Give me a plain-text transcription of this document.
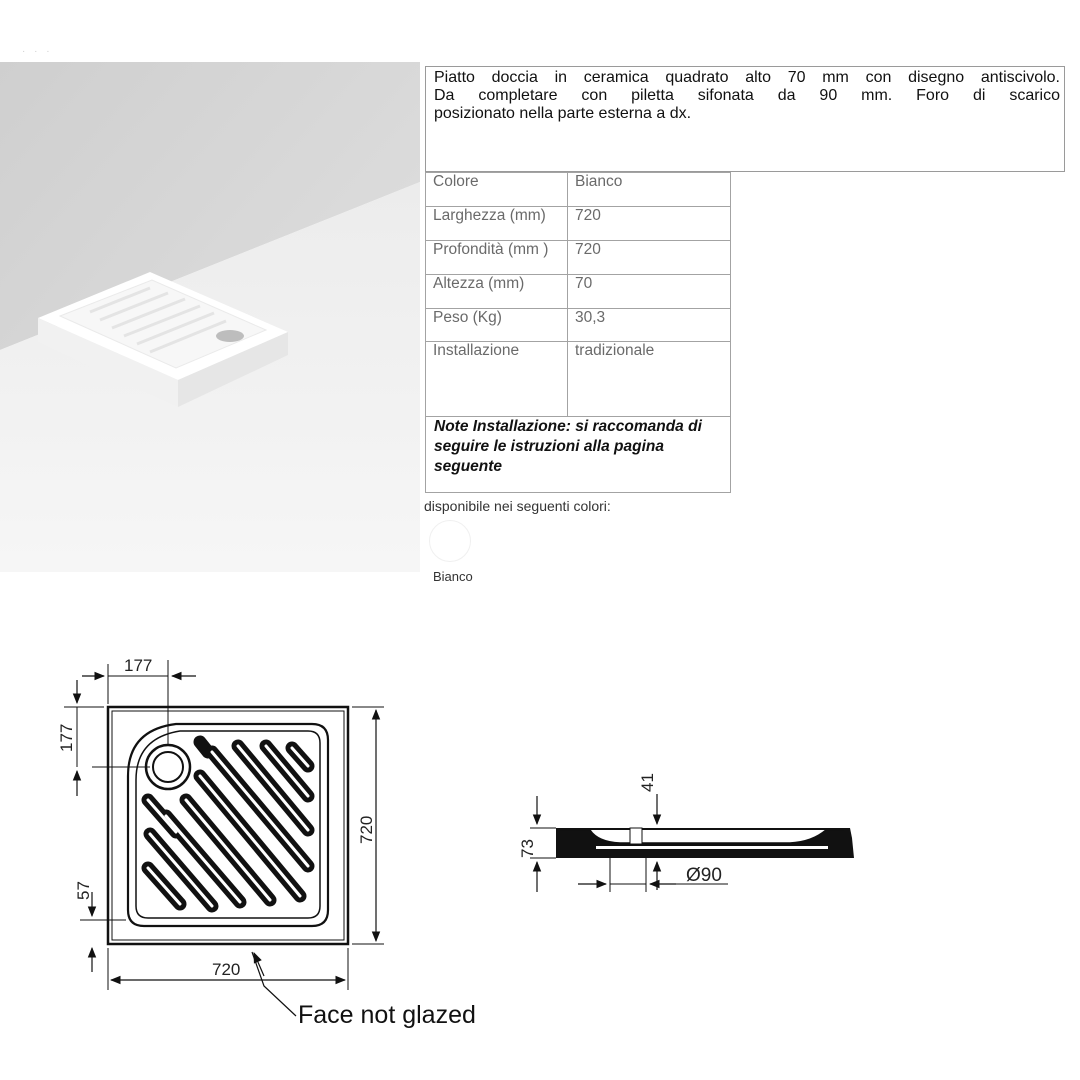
· · ·
Piatto doccia in ceramica quadrato alto 70 mm con disegno antiscivolo.
Da completare con piletta sifonata da 90 mm. Foro di scarico
posizionato nella parte esterna a dx.
Colore	Bianco
Larghezza (mm)	720
Profondità (mm )	720
Altezza (mm)	70
Peso (Kg)	30,3
Installazione	tradizionale
Note Installazione: si raccomanda di seguire le istruzioni alla pagina seguente
disponibile nei seguenti colori:
Bianco
177
177
720
720
57
Face not glazed
73
41
Ø90
